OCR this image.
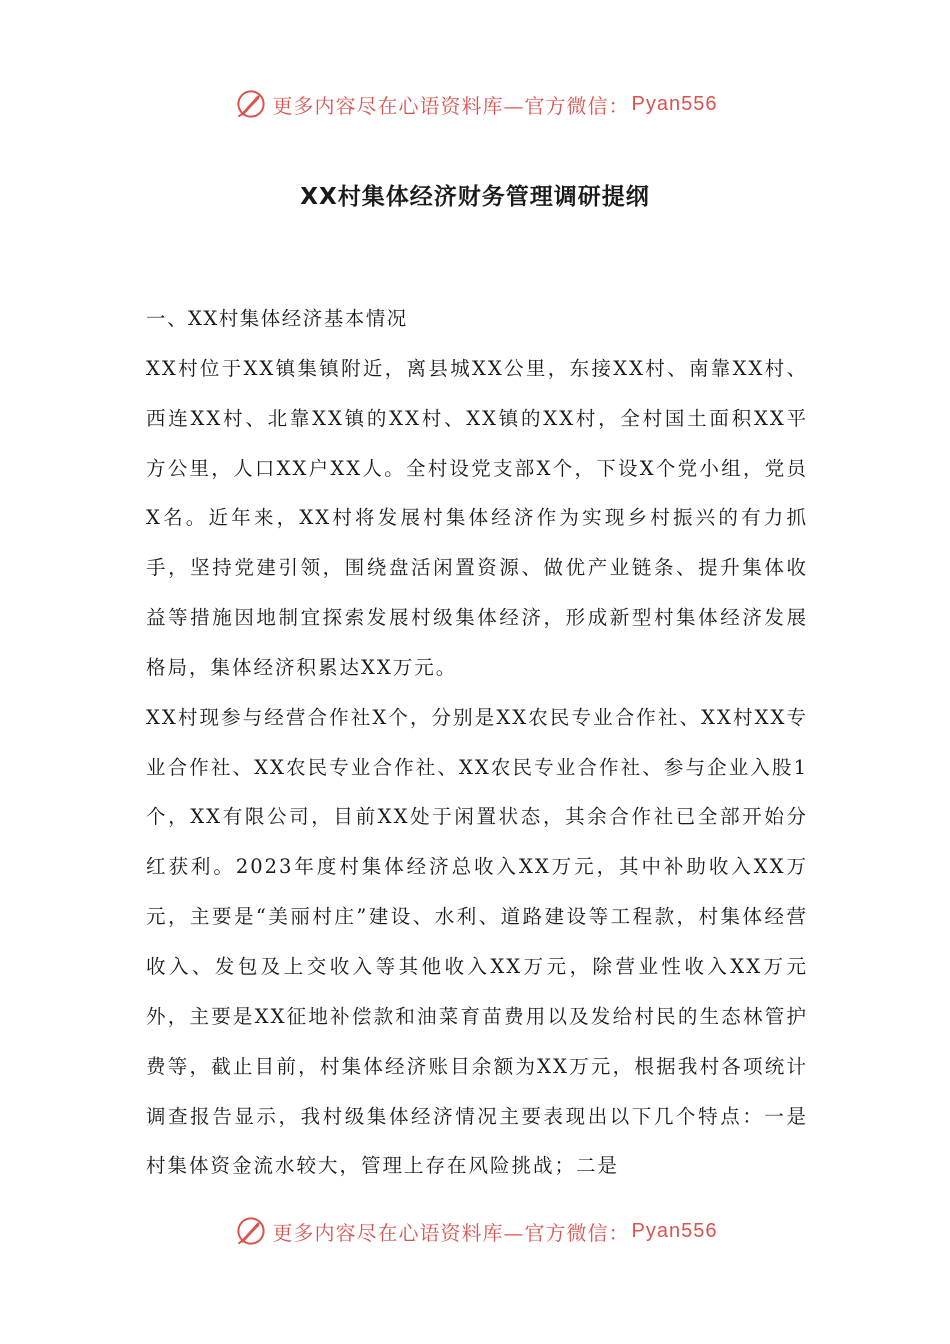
更多内容尽在心语资料库—官方微信： Pyan556
XX村集体经济财务管理调研提纲

一、XX村集体经济基本情况

XX村位于XX镇集镇附近，离县城XX公里，东接XX村、南靠XX村、西连XX村、北靠XX镇的XX村、XX镇的XX村，全村国土面积XX平方公里，人口XX户XX人。全村设党支部X个，下设X个党小组，党员X名。近年来，XX村将发展村集体经济作为实现乡村振兴的有力抓手，坚持党建引领，围绕盘活闲置资源、做优产业链条、提升集体收益等措施因地制宜探索发展村级集体经济，形成新型村集体经济发展格局，集体经济积累达XX万元。

XX村现参与经营合作社X个，分别是XX农民专业合作社、XX村XX专业合作社、XX农民专业合作社、XX农民专业合作社、参与企业入股1个，XX有限公司，目前XX处于闲置状态，其余合作社已全部开始分红获利。2023年度村集体经济总收入XX万元，其中补助收入XX万元，主要是“美丽村庄”建设、水利、道路建设等工程款，村集体经营收入、发包及上交收入等其他收入XX万元，除营业性收入XX万元外，主要是XX征地补偿款和油菜育苗费用以及发给村民的生态林管护费等，截止目前，村集体经济账目余额为XX万元，根据我村各项统计调查报告显示，我村级集体经济情况主要表现出以下几个特点：一是村集体资金流水较大，管理上存在风险挑战；二是

更多内容尽在心语资料库—官方微信： Pyan556
